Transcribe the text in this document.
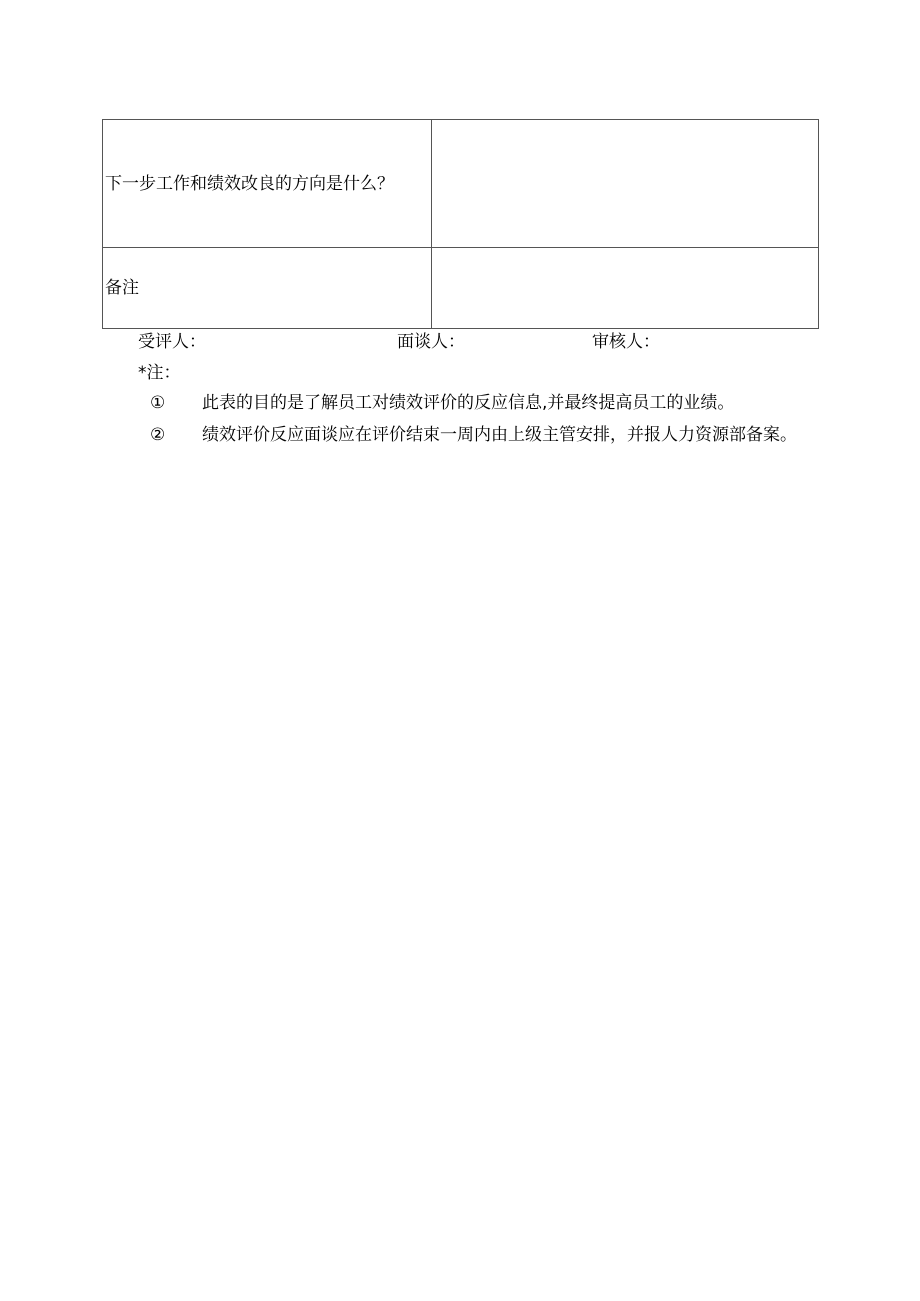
下一步工作和绩效改良的方向是什么？	

备注	

受评人：	面谈人：	审核人：
*注：
①	此表的目的是了解员工对绩效评价的反应信息,并最终提高员工的业绩。
②	绩效评价反应面谈应在评价结束一周内由上级主管安排，并报人力资源部备案。
